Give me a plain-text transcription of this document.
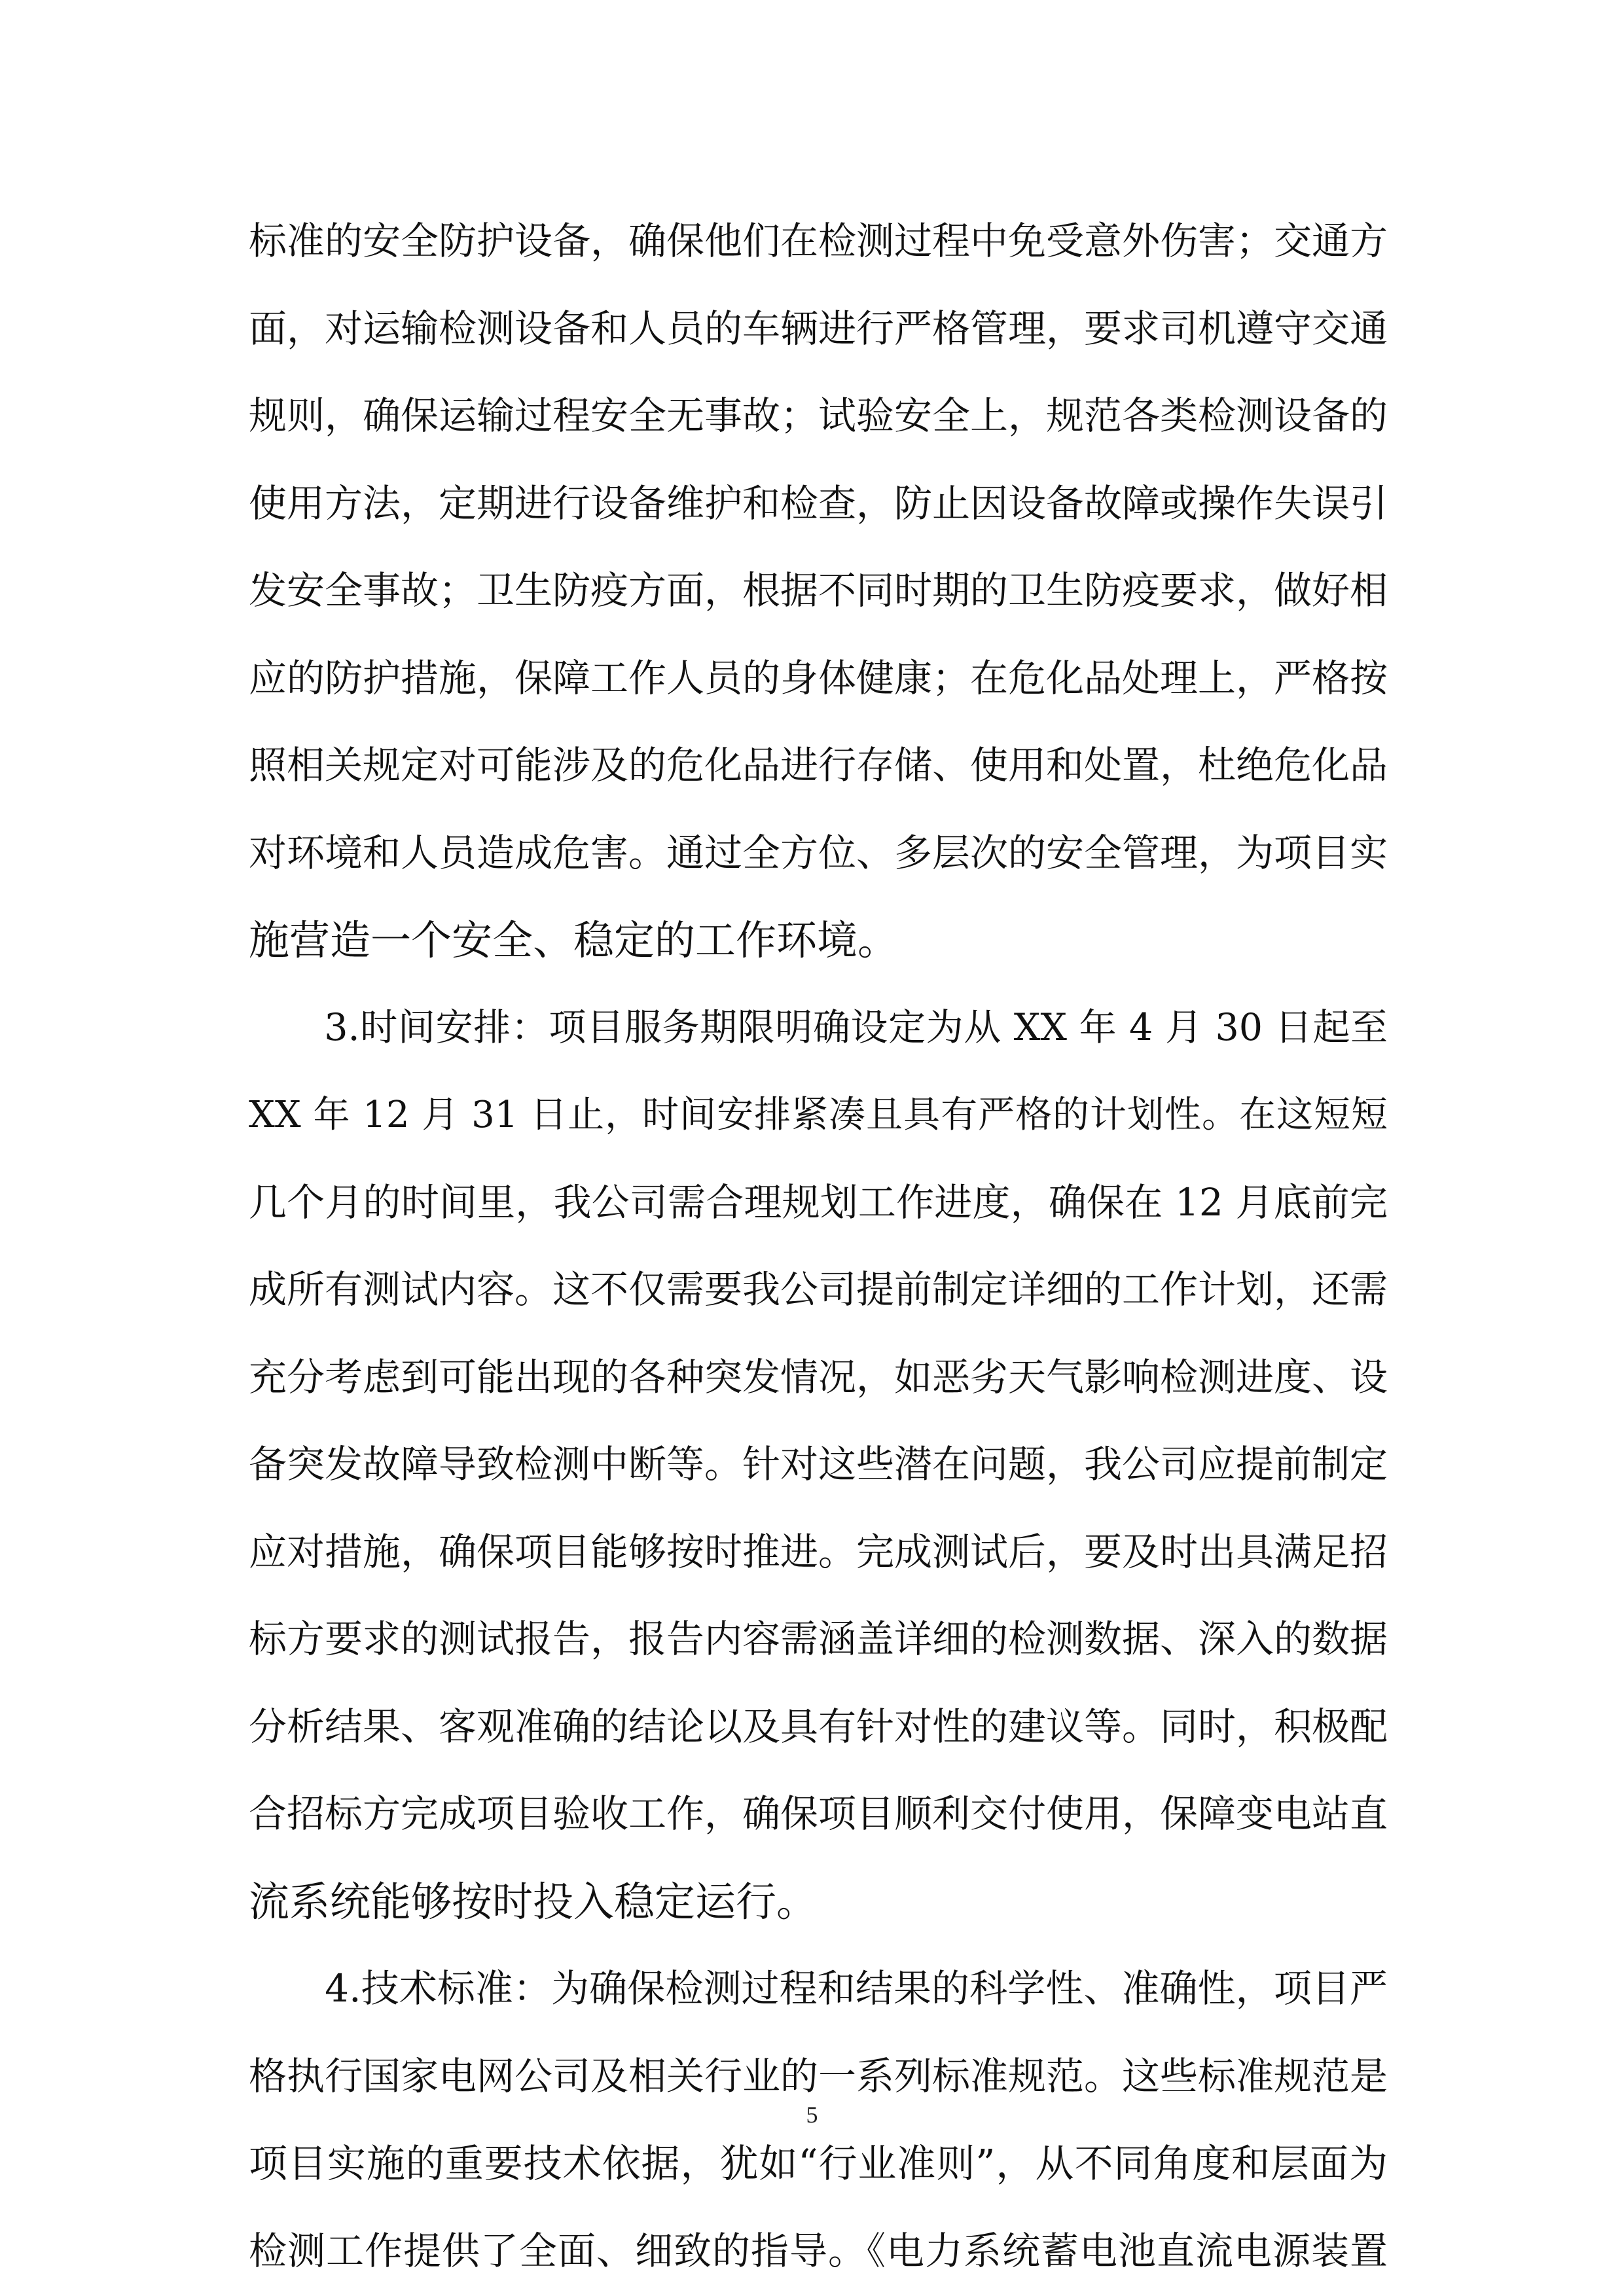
标准的安全防护设备，确保他们在检测过程中免受意外伤害；交通方
面，对运输检测设备和人员的车辆进行严格管理，要求司机遵守交通
规则，确保运输过程安全无事故；试验安全上，规范各类检测设备的
使用方法，定期进行设备维护和检查，防止因设备故障或操作失误引
发安全事故；卫生防疫方面，根据不同时期的卫生防疫要求，做好相
应的防护措施，保障工作人员的身体健康；在危化品处理上，严格按
照相关规定对可能涉及的危化品进行存储、使用和处置，杜绝危化品
对环境和人员造成危害。通过全方位、多层次的安全管理，为项目实
施营造一个安全、稳定的工作环境。
　　3.时间安排：项目服务期限明确设定为从 XX 年 4 月 30 日起至
XX 年 12 月 31 日止，时间安排紧凑且具有严格的计划性。在这短短
几个月的时间里，我公司需合理规划工作进度，确保在 12 月底前完
成所有测试内容。这不仅需要我公司提前制定详细的工作计划，还需
充分考虑到可能出现的各种突发情况，如恶劣天气影响检测进度、设
备突发故障导致检测中断等。针对这些潜在问题，我公司应提前制定
应对措施，确保项目能够按时推进。完成测试后，要及时出具满足招
标方要求的测试报告，报告内容需涵盖详细的检测数据、深入的数据
分析结果、客观准确的结论以及具有针对性的建议等。同时，积极配
合招标方完成项目验收工作，确保项目顺利交付使用，保障变电站直
流系统能够按时投入稳定运行。
　　4.技术标准：为确保检测过程和结果的科学性、准确性，项目严
格执行国家电网公司及相关行业的一系列标准规范。这些标准规范是
项目实施的重要技术依据，犹如“行业准则”，从不同角度和层面为
检测工作提供了全面、细致的指导。《电力系统蓄电池直流电源装置
5
